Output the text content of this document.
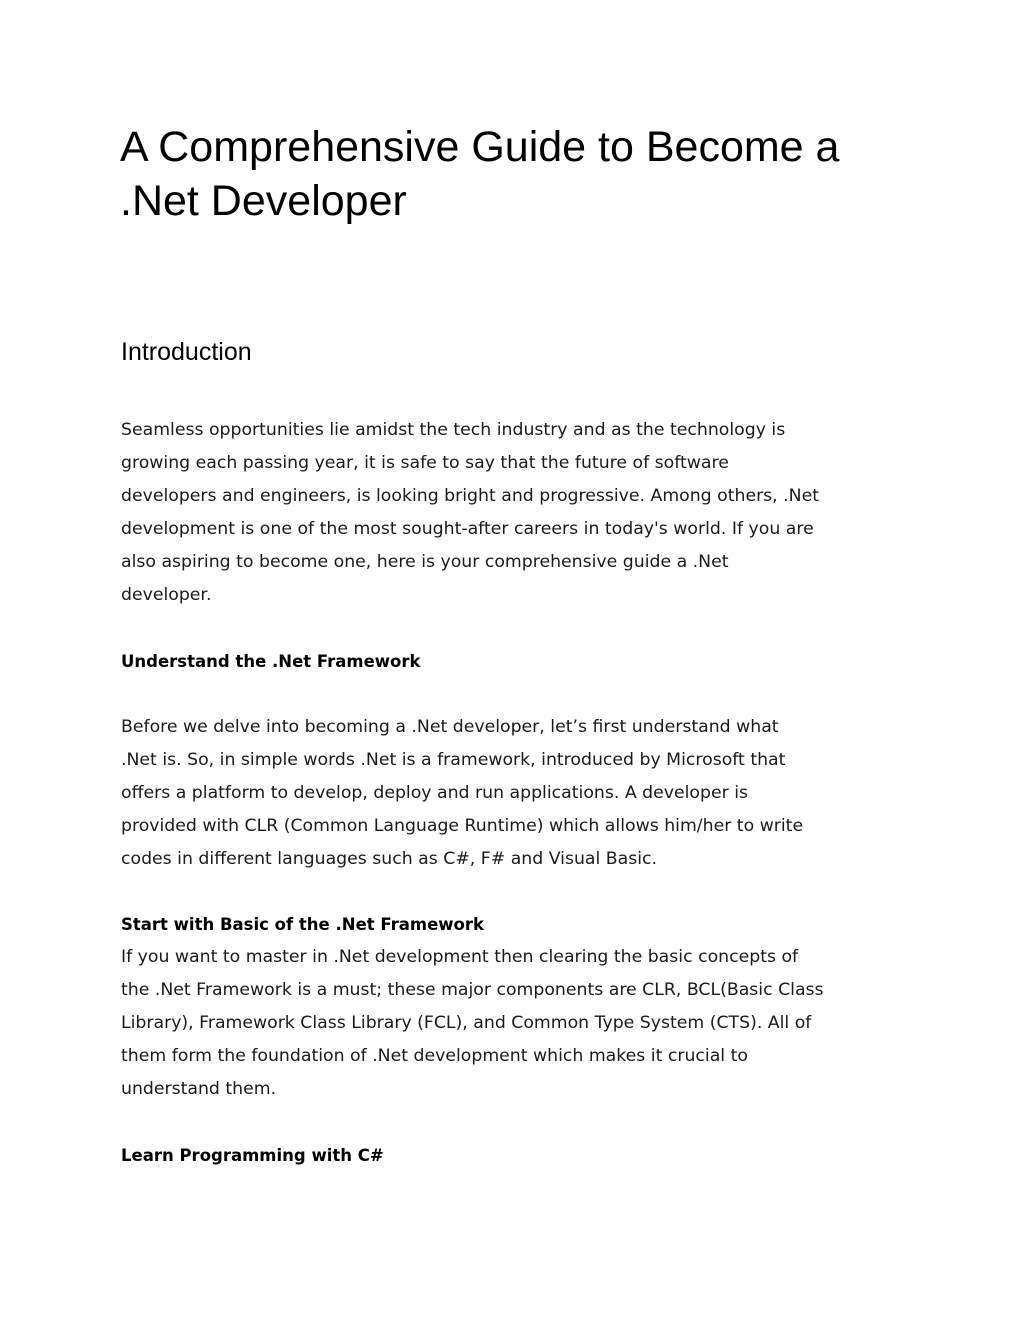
A Comprehensive Guide to Become a
.Net Developer
Introduction

Seamless opportunities lie amidst the tech industry and as the technology is
growing each passing year, it is safe to say that the future of software
developers and engineers, is looking bright and progressive. Among others, .Net
development is one of the most sought-after careers in today's world. If you are
also aspiring to become one, here is your comprehensive guide a .Net
developer.

Understand the .Net Framework

Before we delve into becoming a .Net developer, let’s first understand what
.Net is. So, in simple words .Net is a framework, introduced by Microsoft that
offers a platform to develop, deploy and run applications. A developer is
provided with CLR (Common Language Runtime) which allows him/her to write
codes in different languages such as C#, F# and Visual Basic.

Start with Basic of the .Net Framework

If you want to master in .Net development then clearing the basic concepts of
the .Net Framework is a must; these major components are CLR, BCL(Basic Class
Library), Framework Class Library (FCL), and Common Type System (CTS). All of
them form the foundation of .Net development which makes it crucial to
understand them.

Learn Programming with C#
